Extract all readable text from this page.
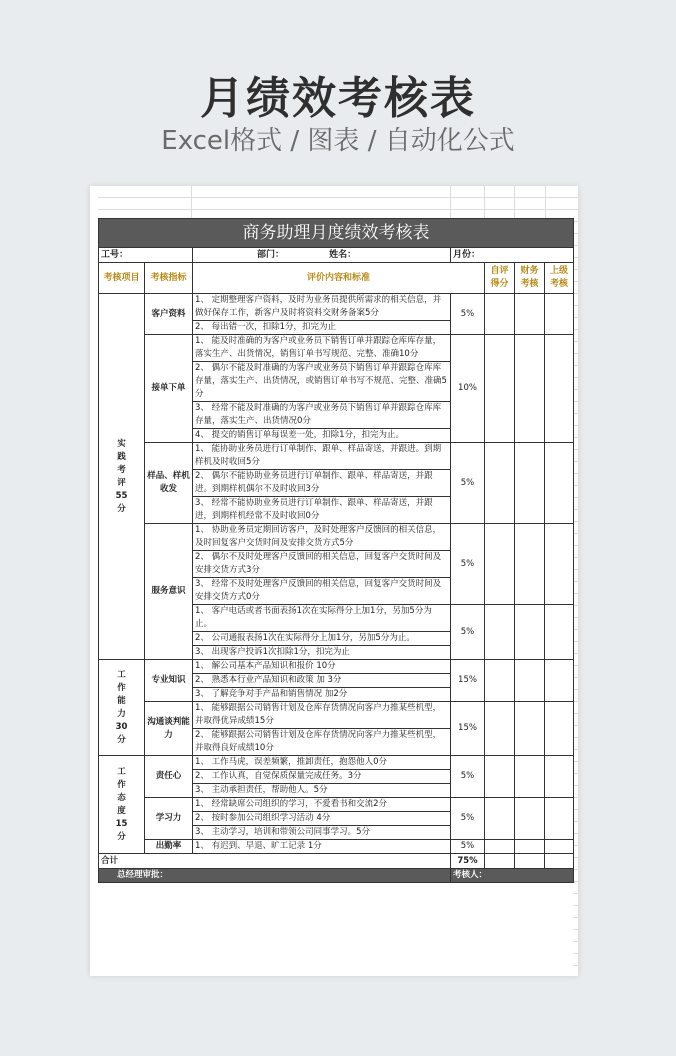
月绩效考核表
Excel格式 / 图表 / 自动化公式
商务助理月度绩效考核表						
工号：		部门： 姓名：	月份：			
考核项目	考核指标	评价内容和标准		自评得分	财务考核	上级考核
实践考评55分	客户资料	1、 定期整理客户资料，及时为业务员提供所需求的相关信息，并做好保存工作，新客户及时将资料交财务备案5分	5%			
		2、 每出错一次，扣除1分，扣完为止				
	接单下单	1、 能及时准确的为客户或业务员下销售订单并跟踪仓库库存量，落实生产、出货情况，销售订单书写规范、完整、准确10分	10%			
		2、 偶尔不能及时准确的为客户或业务员下销售订单并跟踪仓库库存量，落实生产、出货情况，或销售订单书写不规范、完整、准确5分				
		3、 经常不能及时准确的为客户或业务员下销售订单并跟踪仓库库存量，落实生产、出货情况0分				
		4、 提交的销售订单每误差一处，扣除1分，扣完为止。				
	样品、样机收发	1、 能协助业务员进行订单制作、跟单、样品寄送，并跟进。到期样机及时收回5分	5%			
		2、 偶尔不能协助业务员进行订单制作、跟单、样品寄送，并跟进。到期样机偶尔不及时收回3分				
		3、 经常不能协助业务员进行订单制作、跟单、样品寄送，并跟进，到期样机经常不及时收回0分				
	服务意识	1、 协助业务员定期回访客户，及时处理客户反馈回的相关信息，及时回复客户交货时间及安排交货方式5分	5%			
		2、 偶尔不及时处理客户反馈回的相关信息，回复客户交货时间及安排交货方式3分				
		3、 经常不及时处理客户反馈回的相关信息，回复客户交货时间及安排交货方式0分				
		1、 客户电话或者书面表扬1次在实际得分上加1分，另加5分为止。	5%			
		2、 公司通报表扬1次在实际得分上加1分，另加5分为止。				
		3、 出现客户投诉1次扣除1分，扣完为止				
工作能力30分	专业知识	1、 解公司基本产品知识和报价 10分	15%			
		2、 熟悉本行业产品知识和政策 加 3分				
		3、 了解竞争对手产品和销售情况 加2分				
	沟通谈判能力	1、 能够跟据公司销售计划及仓库存货情况向客户力推某些机型，并取得优异成绩15分	15%			
		2、 能够跟据公司销售计划及仓库存货情况向客户力推某些机型，并取得良好成绩10分				
工作态度15分	责任心	1、 工作马虎，误差频繁，推卸责任，抱怨他人0分	5%			
		2、 工作认真，自觉保质保量完成任务。3分				
		3、 主动承担责任，帮助他人。5分				
	学习力	1、 经常缺席公司组织的学习，不爱看书和交流2分	5%			
		2、 按时参加公司组织学习活动 4分				
		3、 主动学习，培训和带领公司同事学习。5分				
	出勤率	1、 有迟到、早退、旷工记录 1分	5%			
合计			75%			
总经理审批：			考核人：			
